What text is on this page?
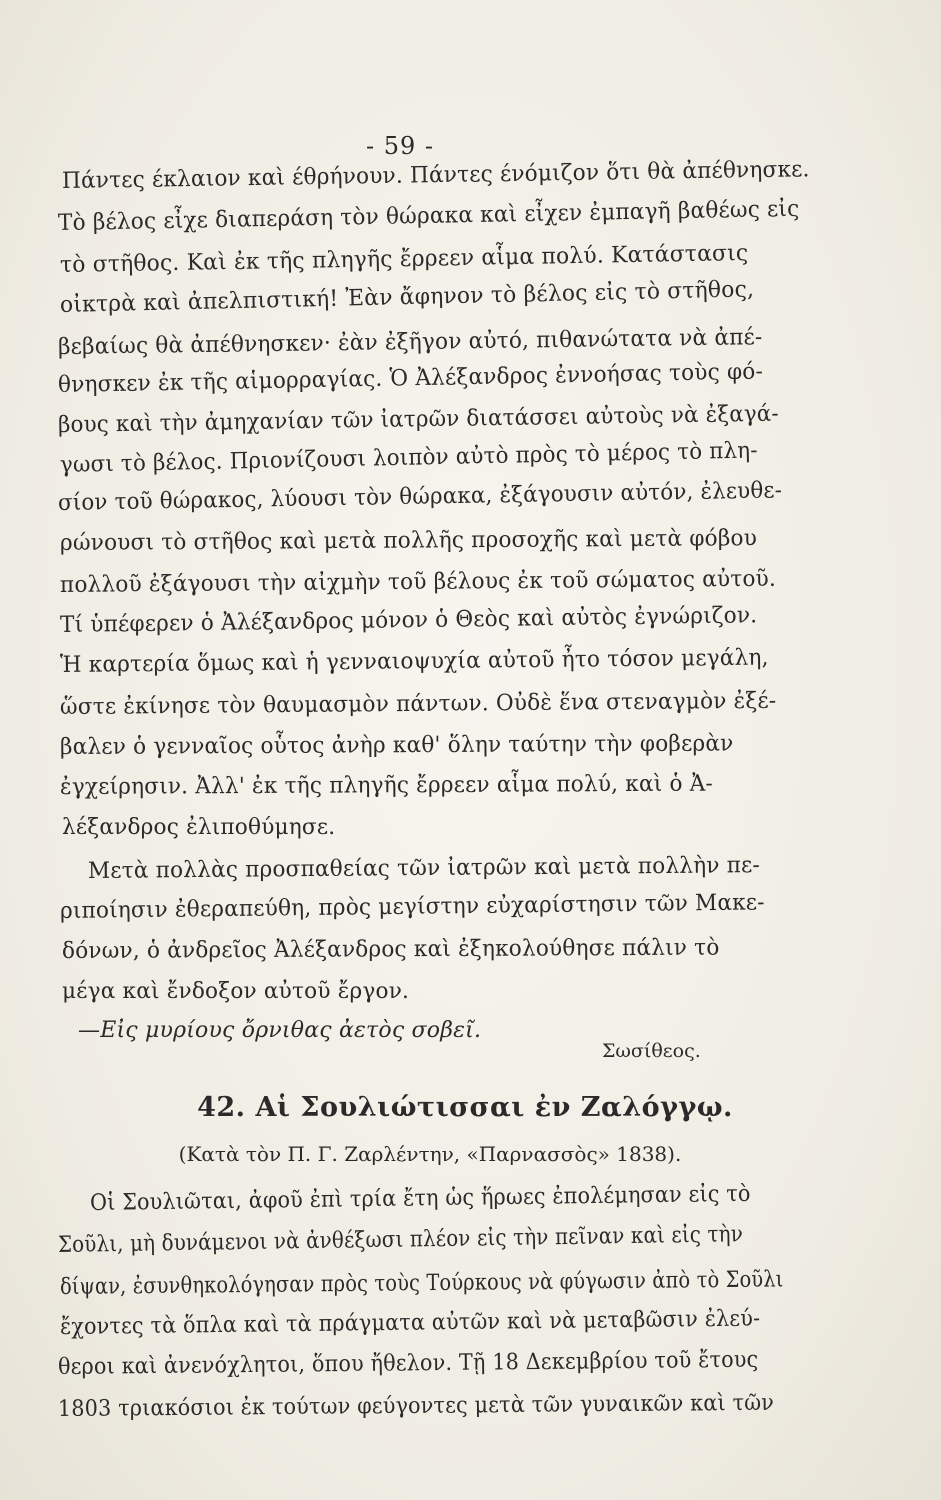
- 59 -
Πάντες έκλαιον καὶ έθρήνουν. Πάντες ένόμιζον ὅτι θὰ ἀπέθνησκε.
Τὸ βέλος εἶχε διαπεράση τὸν θώρακα καὶ εἶχεν ἐμπαγῆ βαθέως εἰς
τὸ στῆθος. Καὶ ἐκ τῆς πληγῆς ἔρρεεν αἷμα πολύ. Κατάστασις
οἰκτρὰ καὶ ἀπελπιστική! Ἐὰν ἄφηνον τὸ βέλος εἰς τὸ στῆθος,
βεβαίως θὰ ἀπέθνησκεν· ἐὰν ἐξῆγον αὐτό, πιθανώτατα νὰ ἀπέ-
θνησκεν ἐκ τῆς αἱμορραγίας. Ὁ Ἀλέξανδρος ἐννοήσας τοὺς φό-
βους καὶ τὴν ἀμηχανίαν τῶν ἰατρῶν διατάσσει αὐτοὺς νὰ ἐξαγά-
γωσι τὸ βέλος. Πριονίζουσι λοιπὸν αὐτὸ πρὸς τὸ μέρος τὸ πλη-
σίον τοῦ θώρακος, λύουσι τὸν θώρακα, ἐξάγουσιν αὐτόν, ἐλευθε-
ρώνουσι τὸ στῆθος καὶ μετὰ πολλῆς προσοχῆς καὶ μετὰ φόβου
πολλοῦ ἐξάγουσι τὴν αἰχμὴν τοῦ βέλους ἐκ τοῦ σώματος αὐτοῦ.
Τί ὑπέφερεν ὁ Ἀλέξανδρος μόνον ὁ Θεὸς καὶ αὐτὸς ἐγνώριζον.
Ἡ καρτερία ὅμως καὶ ἡ γενναιοψυχία αὐτοῦ ἦτο τόσον μεγάλη,
ὥστε ἐκίνησε τὸν θαυμασμὸν πάντων. Οὐδὲ ἕνα στεναγμὸν ἐξέ-
βαλεν ὁ γενναῖος οὗτος ἀνὴρ καθ' ὅλην ταύτην τὴν φοβερὰν
ἐγχείρησιν. Ἀλλ' ἐκ τῆς πληγῆς ἔρρεεν αἷμα πολύ, καὶ ὁ Ἀ-
λέξανδρος ἐλιποθύμησε.
Μετὰ πολλὰς προσπαθείας τῶν ἰατρῶν καὶ μετὰ πολλὴν πε-
ριποίησιν ἐθεραπεύθη, πρὸς μεγίστην εὐχαρίστησιν τῶν Μακε-
δόνων, ὁ ἀνδρεῖος Ἀλέξανδρος καὶ ἐξηκολούθησε πάλιν τὸ
μέγα καὶ ἔνδοξον αὐτοῦ ἔργον.
—Εἰς μυρίους ὄρνιθας ἀετὸς σοβεῖ.
Σωσίθεος.
42. Αἱ Σουλιώτισσαι ἐν Ζαλόγγῳ.
(Κατὰ τὸν Π. Γ. Ζαρλέντην, «Παρνασσὸς» 1838).
Οἱ Σουλιῶται, ἀφοῦ ἐπὶ τρία ἔτη ὡς ἥρωες ἐπολέμησαν εἰς τὸ
Σοῦλι, μὴ δυνάμενοι νὰ ἀνθέξωσι πλέον εἰς τὴν πεῖναν καὶ εἰς τὴν
δίψαν, ἐσυνθηκολόγησαν πρὸς τοὺς Τούρκους νὰ φύγωσιν ἀπὸ τὸ Σοῦλι
ἔχοντες τὰ ὅπλα καὶ τὰ πράγματα αὐτῶν καὶ νὰ μεταβῶσιν ἐλεύ-
θεροι καὶ ἀνενόχλητοι, ὅπου ἤθελον. Τῇ 18 Δεκεμβρίου τοῦ ἔτους
1803 τριακόσιοι ἐκ τούτων φεύγοντες μετὰ τῶν γυναικῶν καὶ τῶν
